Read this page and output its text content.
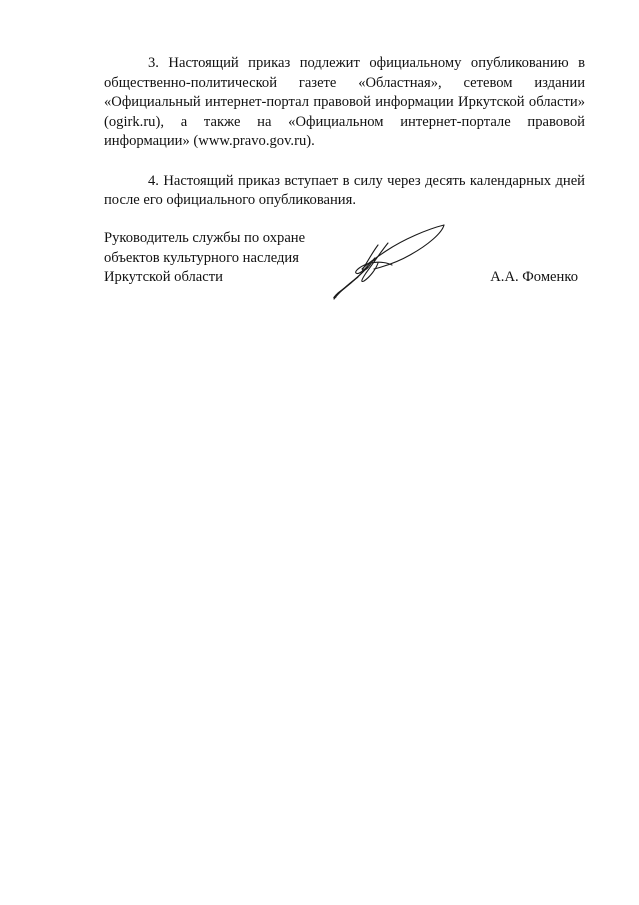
3. Настоящий приказ подлежит официальному опубликованию в общественно-политической газете «Областная», сетевом издании «Официальный интернет-портал правовой информации Иркутской области» (ogirk.ru), а также на «Официальном интернет-портале правовой информации» (www.pravo.gov.ru).

4. Настоящий приказ вступает в силу через десять календарных дней после его официального опубликования.

Руководитель службы по охране
объектов культурного наследия
Иркутской области	А.А. Фоменко
